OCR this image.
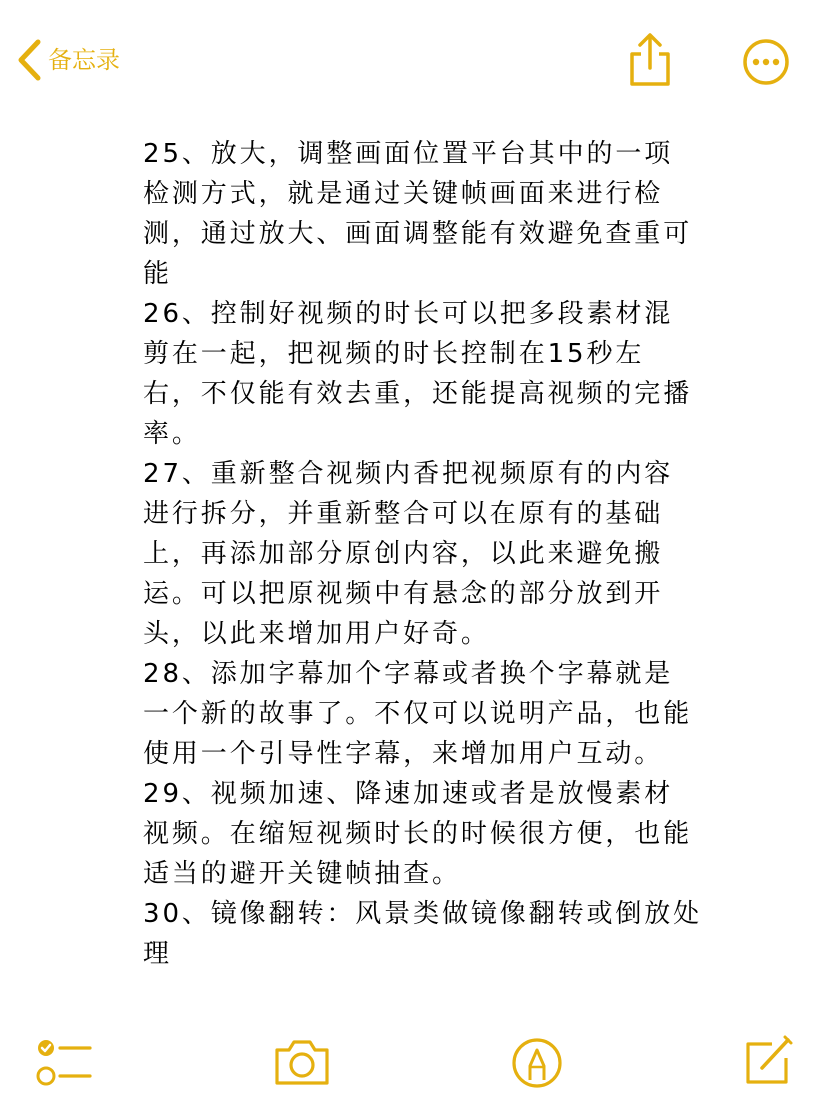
备忘录
25、放大，调整画面位置平台其中的一项
检测方式，就是通过关键帧画面来进行检
测，通过放大、画面调整能有效避免查重可
能
26、控制好视频的时长可以把多段素材混
剪在一起，把视频的时长控制在15秒左
右，不仅能有效去重，还能提高视频的完播
率。
27、重新整合视频内香把视频原有的内容
进行拆分，并重新整合可以在原有的基础
上，再添加部分原创内容，以此来避免搬
运。可以把原视频中有悬念的部分放到开
头，以此来增加用户好奇。
28、添加字幕加个字幕或者换个字幕就是
一个新的故事了。不仅可以说明产品，也能
使用一个引导性字幕，来增加用户互动。
29、视频加速、降速加速或者是放慢素材
视频。在缩短视频时长的时候很方便，也能
适当的避开关键帧抽查。
30、镜像翻转：风景类做镜像翻转或倒放处
理
